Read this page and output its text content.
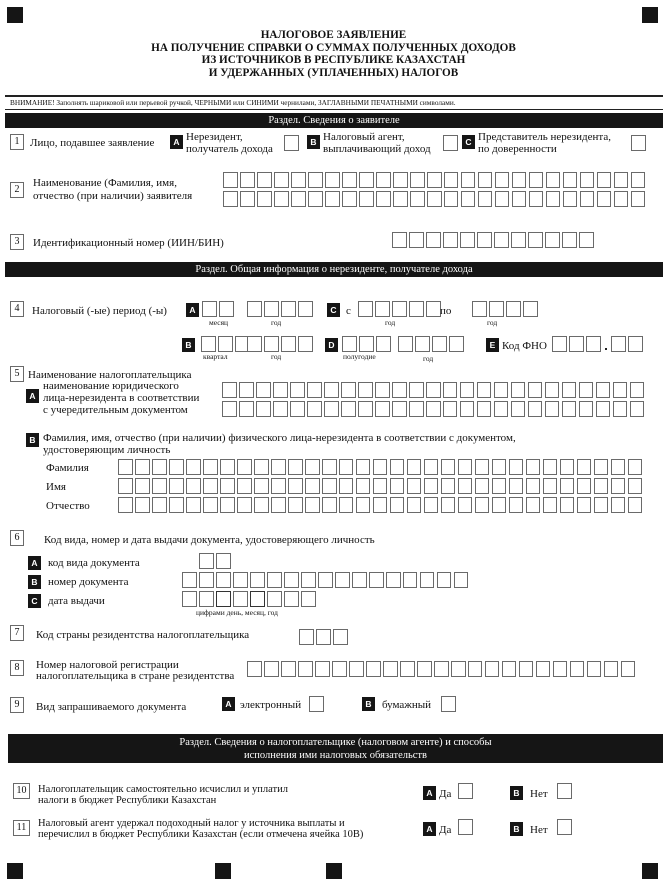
НАЛОГОВОЕ ЗАЯВЛЕНИЕ
НА ПОЛУЧЕНИЕ СПРАВКИ О СУММАХ ПОЛУЧЕННЫХ ДОХОДОВ
ИЗ ИСТОЧНИКОВ В РЕСПУБЛИКЕ КАЗАХСТАН
И УДЕРЖАННЫХ (УПЛАЧЕННЫХ) НАЛОГОВ
ВНИМАНИЕ! Заполнять шариковой или перьевой ручкой, ЧЕРНЫМИ или СИНИМИ чернилами, ЗАГЛАВНЫМИ ПЕЧАТНЫМИ символами.
Раздел. Сведения о заявителе
1 Лицо, подавшее заявление	A Нерезидент,
получатель дохода
B Налоговый агент,
выплачивающий доход
C Представитель нерезидента,
по доверенности
2
Наименование (Фамилия, имя,
отчество (при наличии) заявителя
3	Идентификационный номер (ИИН/БИН)
Раздел. Общая информация о нерезиденте, получателе дохода
4	Налоговый (-ые) период (-ы)	A
месяц	год
C с
год
по
год
B
квартал	год
D
полугодие	год
E Код ФНО
5 Наименование налогоплательщика
A
наименование юридического
лица-нерезидента в соответствии
с учередительным документом
B Фамилия, имя, отчество (при наличии) физического лица-нерезидента в соответствии с документом,
удостоверяющим личность
Фамилия
Имя
Отчество
6	Код вида, номер и дата выдачи документа, удостоверяющего личность
A код вида документа
B номер документа
C дата выдачи
цифрами день, месяц, год
7	Код страны резидентства налогоплательщика
8	Номер налоговой регистрации
налогоплательщика в стране резидентства
9	Вид запрашиваемого документа	A электронный	B бумажный
Раздел. Сведения о налогоплательщике (налоговом агенте) и способы
исполнения ими налоговых обязательств
10	Налогоплательщик самостоятельно исчислил и уплатил
налоги в бюджет Республики Казахстан
A Да	B Нет
11	Налоговый агент удержал подоходный налог у источника выплаты и
перечислил в бюджет Республики Казахстан (если отмечена ячейка 10В)	A Да	B Нет
